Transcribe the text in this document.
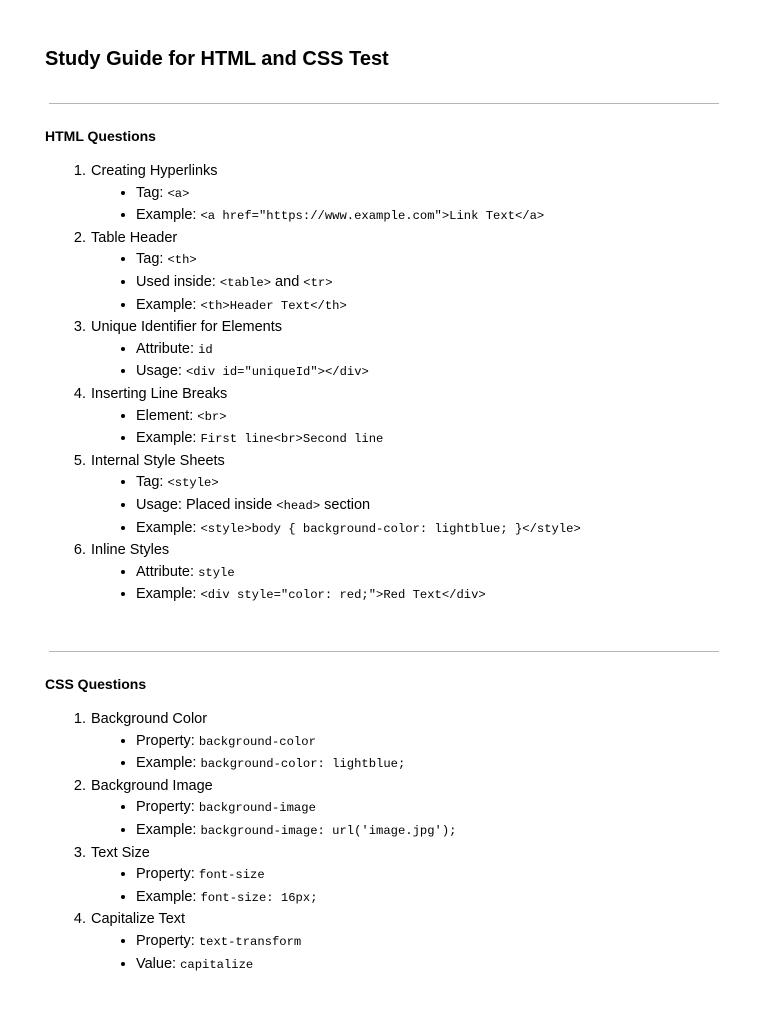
Study Guide for HTML and CSS Test
HTML Questions
1. Creating Hyperlinks
• Tag: <a>
• Example: <a href="https://www.example.com">Link Text</a>
2. Table Header
• Tag: <th>
• Used inside: <table> and <tr>
• Example: <th>Header Text</th>
3. Unique Identifier for Elements
• Attribute: id
• Usage: <div id="uniqueId"></div>
4. Inserting Line Breaks
• Element: <br>
• Example: First line<br>Second line
5. Internal Style Sheets
• Tag: <style>
• Usage: Placed inside <head> section
• Example: <style>body { background-color: lightblue; }</style>
6. Inline Styles
• Attribute: style
• Example: <div style="color: red;">Red Text</div>
CSS Questions
1. Background Color
• Property: background-color
• Example: background-color: lightblue;
2. Background Image
• Property: background-image
• Example: background-image: url('image.jpg');
3. Text Size
• Property: font-size
• Example: font-size: 16px;
4. Capitalize Text
• Property: text-transform
• Value: capitalize
